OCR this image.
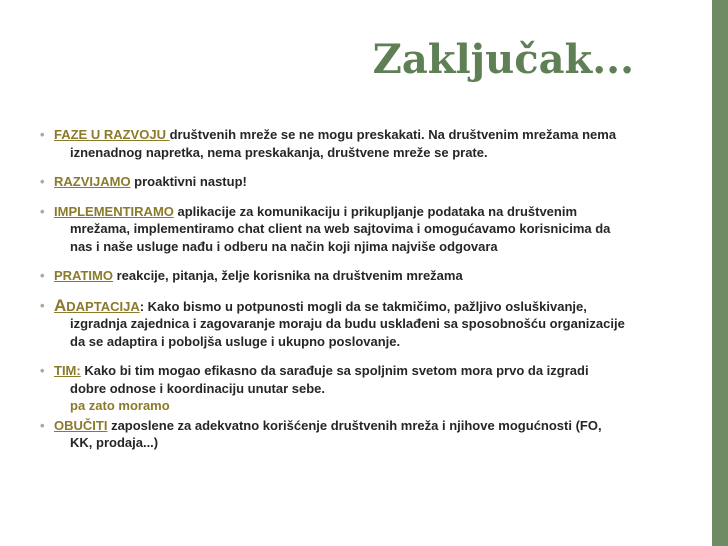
Zaključak...
• FAZE U RAZVOJU društvenih mreže se ne mogu preskakati. Na društvenim mrežama nema
iznenadnog napretka, nema preskakanja, društvene mreže se prate.
• RAZVIJAMO proaktivni nastup!
• IMPLEMENTIRAMO aplikacije za komunikaciju i prikupljanje podataka na društvenim
mrežama, implementiramo chat client na web sajtovima i omogućavamo korisnicima da
nas i naše usluge nađu i odberu na način koji njima najviše odgovara
• PRATIMO reakcije, pitanja, želje korisnika na društvenim mrežama
• ADAPTACIJA: Kako bismo u potpunosti mogli da se takmičimo, pažljivo osluškivanje,
izgradnja zajednica i zagovaranje moraju da budu usklađeni sa sposobnošću organizacije
da se adaptira i poboljša usluge i ukupno poslovanje.
• TIM: Kako bi tim mogao efikasno da sarađuje sa spoljnim svetom mora prvo da izgradi
dobre odnose i koordinaciju unutar sebe.
pa zato moramo
• OBUČITI zaposlene za adekvatno korišćenje društvenih mreža i njihove mogućnosti (FO,
KK, prodaja...)
